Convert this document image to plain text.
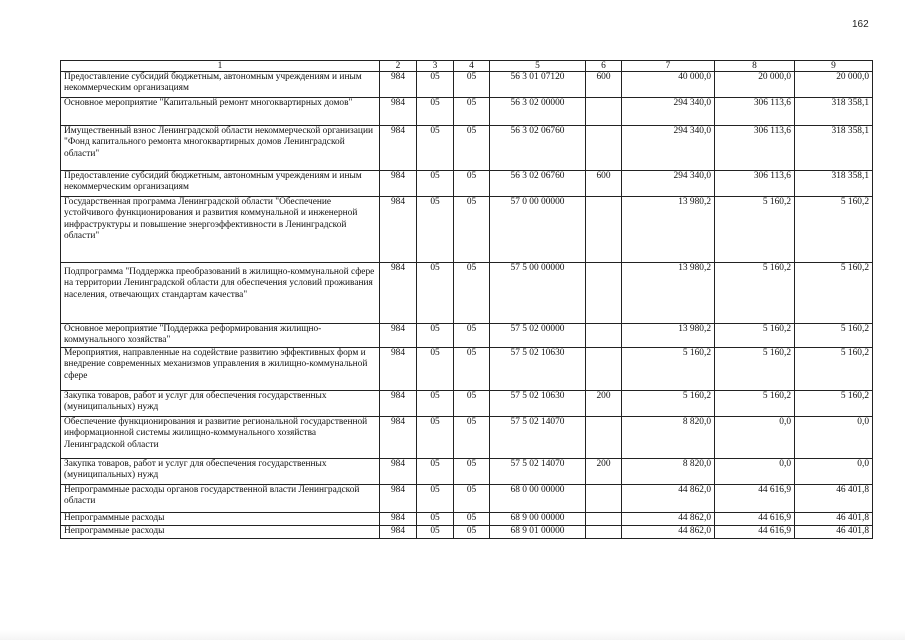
162
1	2	3	4	5	6	7	8	9
Предоставление субсидий бюджетным, автономным учреждениям и иным некоммерческим организациям	984	05	05	56 3 01 07120	600	40 000,0	20 000,0	20 000,0
Основное мероприятие "Капитальный ремонт многоквартирных домов"	984	05	05	56 3 02 00000		294 340,0	306 113,6	318 358,1
Имущественный взнос Ленинградской области некоммерческой организации "Фонд капитального ремонта многоквартирных домов Ленинградской области"	984	05	05	56 3 02 06760		294 340,0	306 113,6	318 358,1
Предоставление субсидий бюджетным, автономным учреждениям и иным некоммерческим организациям	984	05	05	56 3 02 06760	600	294 340,0	306 113,6	318 358,1
Государственная программа Ленинградской области "Обеспечение устойчивого функционирования и развития коммунальной и инженерной инфраструктуры и повышение энергоэффективности в Ленинградской области"	984	05	05	57 0 00 00000		13 980,2	5 160,2	5 160,2
Подпрограмма "Поддержка преобразований в жилищно-коммунальной сфере на территории Ленинградской области для обеспечения условий проживания населения, отвечающих стандартам качества"	984	05	05	57 5 00 00000		13 980,2	5 160,2	5 160,2
Основное мероприятие "Поддержка реформирования жилищно-коммунального хозяйства"	984	05	05	57 5 02 00000		13 980,2	5 160,2	5 160,2
Мероприятия, направленные на содействие развитию эффективных форм и внедрение современных механизмов управления в жилищно-коммунальной сфере	984	05	05	57 5 02 10630		5 160,2	5 160,2	5 160,2
Закупка товаров, работ и услуг для обеспечения государственных (муниципальных) нужд	984	05	05	57 5 02 10630	200	5 160,2	5 160,2	5 160,2
Обеспечение функционирования и развитие региональной государственной информационной системы жилищно-коммунального хозяйства Ленинградской области	984	05	05	57 5 02 14070		8 820,0	0,0	0,0
Закупка товаров, работ и услуг для обеспечения государственных (муниципальных) нужд	984	05	05	57 5 02 14070	200	8 820,0	0,0	0,0
Непрограммные расходы органов государственной власти Ленинградской области	984	05	05	68 0 00 00000		44 862,0	44 616,9	46 401,8
Непрограммные расходы	984	05	05	68 9 00 00000		44 862,0	44 616,9	46 401,8
Непрограммные расходы	984	05	05	68 9 01 00000		44 862,0	44 616,9	46 401,8
